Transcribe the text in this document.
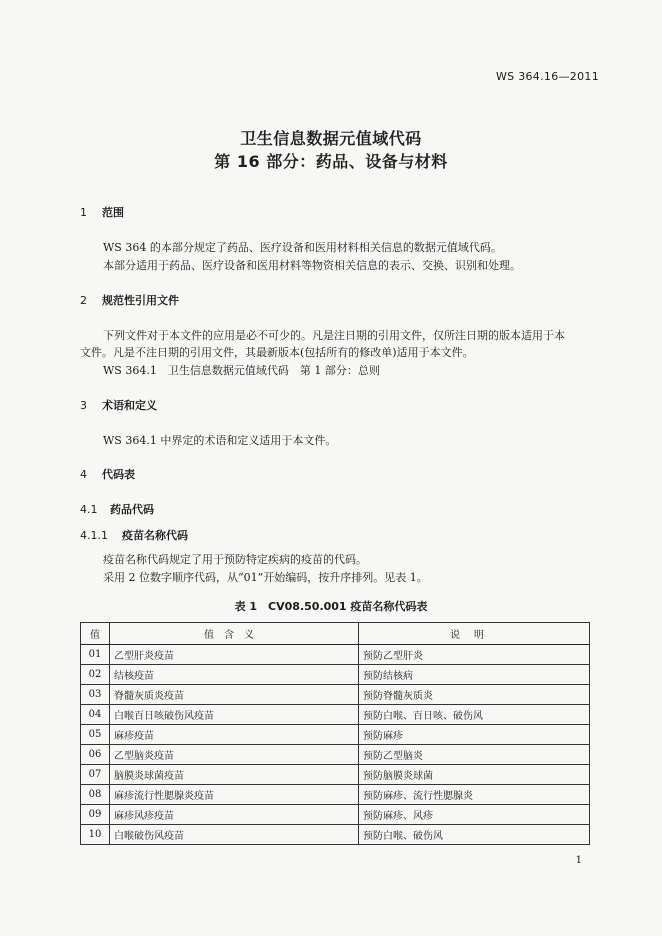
WS 364.16—2011
卫生信息数据元值域代码
第 16 部分：药品、设备与材料
1 范围
WS 364 的本部分规定了药品、医疗设备和医用材料相关信息的数据元值域代码。
本部分适用于药品、医疗设备和医用材料等物资相关信息的表示、交换、识别和处理。
2 规范性引用文件
下列文件对于本文件的应用是必不可少的。凡是注日期的引用文件，仅所注日期的版本适用于本
文件。凡是不注日期的引用文件，其最新版本(包括所有的修改单)适用于本文件。
WS 364.1　卫生信息数据元值域代码　第 1 部分：总则
3 术语和定义
WS 364.1 中界定的术语和定义适用于本文件。
4 代码表
4.1 药品代码
4.1.1 疫苗名称代码
疫苗名称代码规定了用于预防特定疾病的疫苗的代码。
采用 2 位数字顺序代码，从“01”开始编码，按升序排列。见表 1。
表 1　CV08.50.001 疫苗名称代码表
值	值含义	说明
01	乙型肝炎疫苗	预防乙型肝炎
02	结核疫苗	预防结核病
03	脊髓灰质炎疫苗	预防脊髓灰质炎
04	白喉百日咳破伤风疫苗	预防白喉、百日咳、破伤风
05	麻疹疫苗	预防麻疹
06	乙型脑炎疫苗	预防乙型脑炎
07	脑膜炎球菌疫苗	预防脑膜炎球菌
08	麻疹流行性腮腺炎疫苗	预防麻疹、流行性腮腺炎
09	麻疹风疹疫苗	预防麻疹、风疹
10	白喉破伤风疫苗	预防白喉、破伤风
1
